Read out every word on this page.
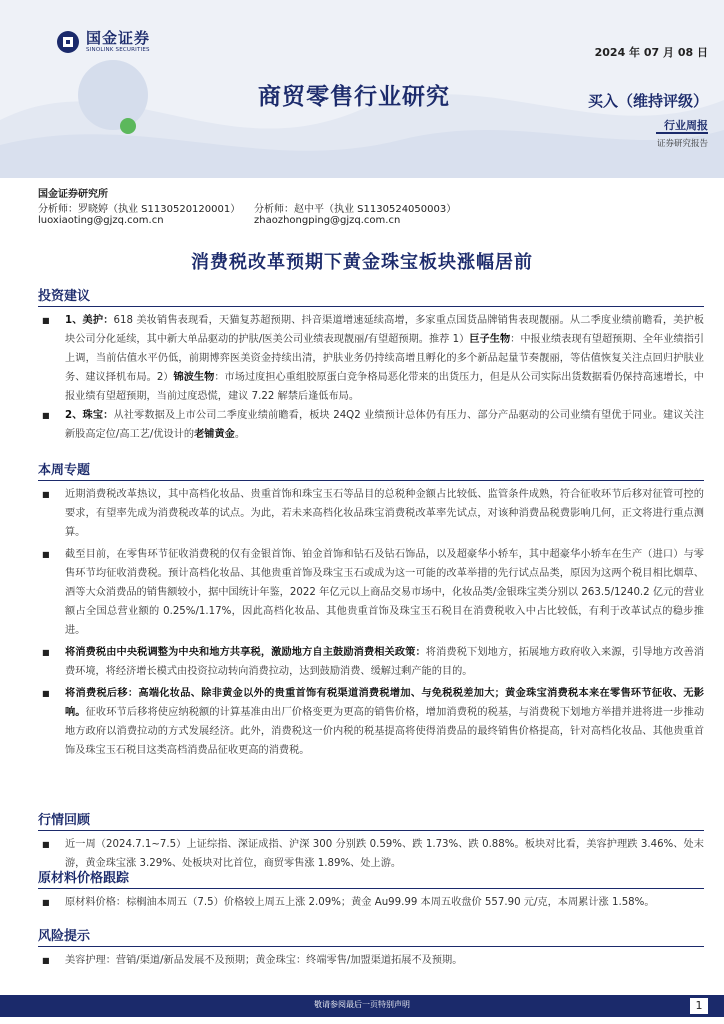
国金证券
SINOLINK SECURITIES	2024 年 07 月 08 日
商贸零售行业研究	买入（维持评级）
行业周报
证券研究报告
国金证券研究所
分析师：罗晓婷（执业 S1130520120001）
luoxiaoting@gjzq.com.cn
分析师：赵中平（执业 S1130524050003）
zhaozhongping@gjzq.com.cn
消费税改革预期下黄金珠宝板块涨幅居前
投资建议
■ 1、美护：618 美妆销售表现看，天猫复苏超预期、抖音渠道增速延续高增，多家重点国货品牌销售表现靓丽。从二季度业绩前瞻看，美护板块公司分化延续，其中新大单品驱动的护肤/医美公司业绩表现靓丽/有望超预期。推荐 1）巨子生物：中报业绩表现有望超预期、全年业绩指引上调，当前估值水平仍低，前期博弈医美资金持续出清，护肤业务仍持续高增且孵化的多个新品起量节奏靓丽，等估值恢复关注点回归护肤业务、建议择机布局。2）锦波生物：市场过度担心重组胶原蛋白竞争格局恶化带来的出货压力，但是从公司实际出货数据看仍保持高速增长，中报业绩有望超预期，当前过度恐慌，建议 7.22 解禁后逢低布局。
■ 2、珠宝：从社零数据及上市公司二季度业绩前瞻看，板块 24Q2 业绩预计总体仍有压力、部分产品驱动的公司业绩有望优于同业。建议关注新股高定位/高工艺/优设计的老铺黄金。
本周专题
■ 近期消费税改革热议，其中高档化妆品、贵重首饰和珠宝玉石等品目的总税种金额占比较低、监管条件成熟，符合征收环节后移对征管可控的要求，有望率先成为消费税改革的试点。为此，若未来高档化妆品珠宝消费税改革率先试点，对该种消费品税费影响几何，正文将进行重点测算。
■ 截至目前，在零售环节征收消费税的仅有金银首饰、铂金首饰和钻石及钻石饰品，以及超豪华小轿车，其中超豪华小轿车在生产（进口）与零售环节均征收消费税。预计高档化妆品、其他贵重首饰及珠宝玉石或成为这一可能的改革举措的先行试点品类，原因为这两个税目相比烟草、酒等大众消费品的销售额较小，据中国统计年鉴，2022 年亿元以上商品交易市场中，化妆品类/金银珠宝类分别以 263.5/1240.2 亿元的营业额占全国总营业额的 0.25%/1.17%，因此高档化妆品、其他贵重首饰及珠宝玉石税目在消费税收入中占比较低，有利于改革试点的稳步推进。
■ 将消费税由中央税调整为中央和地方共享税，激励地方自主鼓励消费相关政策：将消费税下划地方，拓展地方政府收入来源，引导地方改善消费环境，将经济增长模式由投资拉动转向消费拉动，达到鼓励消费、缓解过剩产能的目的。
■ 将消费税后移：高端化妆品、除非黄金以外的贵重首饰有税渠道消费税增加、与免税税差加大；黄金珠宝消费税本来在零售环节征收、无影响。征收环节后移将使应纳税额的计算基准由出厂价格变更为更高的销售价格，增加消费税的税基，与消费税下划地方举措并进将进一步推动地方政府以消费拉动的方式发展经济。此外，消费税这一价内税的税基提高将使得消费品的最终销售价格提高，针对高档化妆品、其他贵重首饰及珠宝玉石税目这类高档消费品征收更高的消费税。
行情回顾
■ 近一周（2024.7.1~7.5）上证综指、深证成指、沪深 300 分别跌 0.59%、跌 1.73%、跌 0.88%。板块对比看，美容护理跌 3.46%、处末游，黄金珠宝涨 3.29%、处板块对比首位，商贸零售涨 1.89%、处上游。
原材料价格跟踪
■ 原材料价格：棕榈油本周五（7.5）价格较上周五上涨 2.09%；黄金 Au99.99 本周五收盘价 557.90 元/克，本周累计涨 1.58%。
风险提示
■ 美容护理：营销/渠道/新品发展不及预期；黄金珠宝：终端零售/加盟渠道拓展不及预期。
敬请参阅最后一页特别声明	1
